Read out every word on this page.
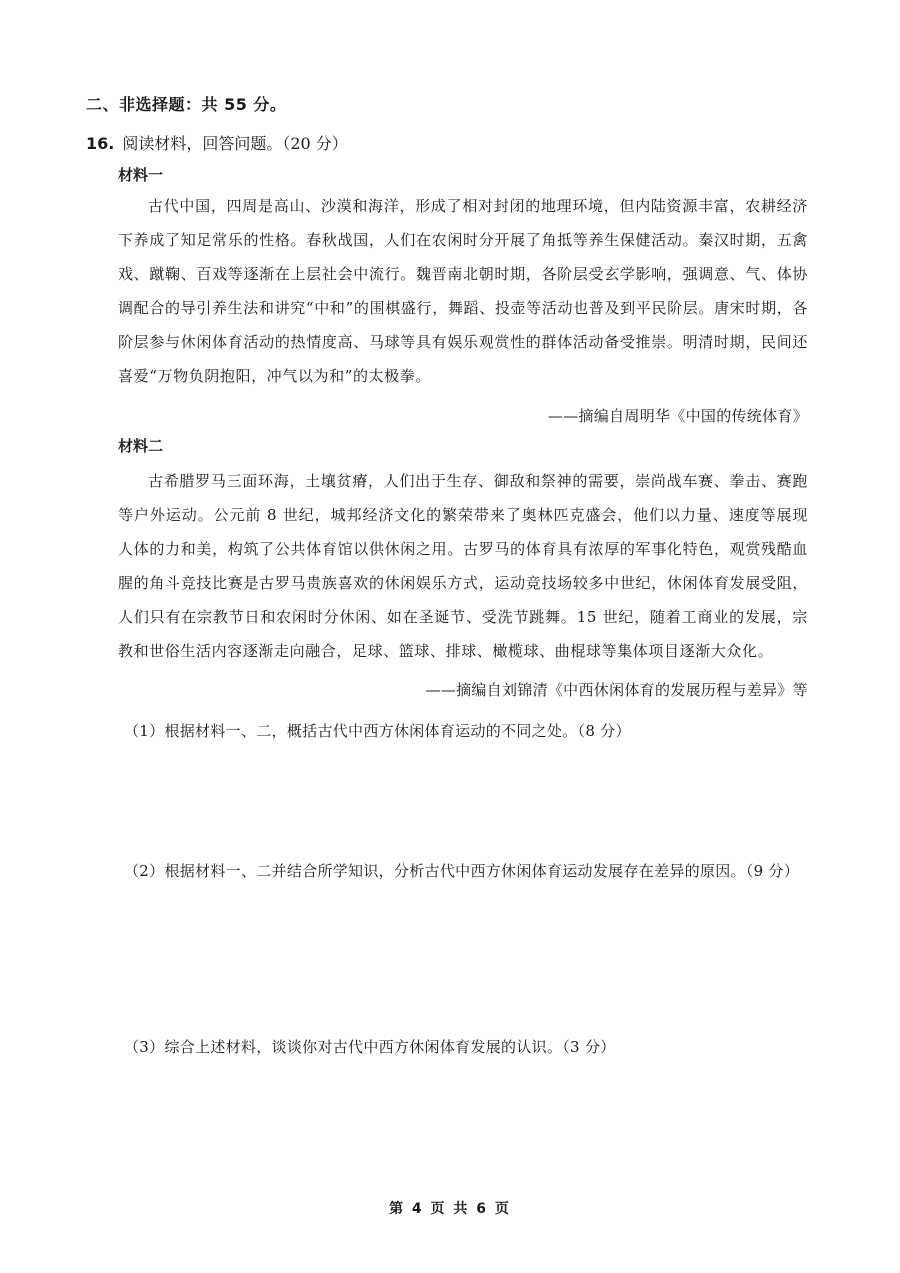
二、非选择题：共 55 分。
16. 阅读材料，回答问题。（20 分）
材料一

古代中国，四周是高山、沙漠和海洋，形成了相对封闭的地理环境，但内陆资源丰富，农耕经济下养成了知足常乐的性格。春秋战国，人们在农闲时分开展了角抵等养生保健活动。秦汉时期，五禽戏、蹴鞠、百戏等逐渐在上层社会中流行。魏晋南北朝时期，各阶层受玄学影响，强调意、气、体协调配合的导引养生法和讲究“中和”的围棋盛行，舞蹈、投壶等活动也普及到平民阶层。唐宋时期，各阶层参与休闲体育活动的热情度高、马球等具有娱乐观赏性的群体活动备受推崇。明清时期，民间还喜爱“万物负阴抱阳，冲气以为和”的太极拳。

——摘编自周明华《中国的传统体育》
材料二

古希腊罗马三面环海，土壤贫瘠，人们出于生存、御敌和祭神的需要，崇尚战车赛、拳击、赛跑等户外运动。公元前 8 世纪，城邦经济文化的繁荣带来了奥林匹克盛会，他们以力量、速度等展现人体的力和美，构筑了公共体育馆以供休闲之用。古罗马的体育具有浓厚的军事化特色，观赏残酷血腥的角斗竞技比赛是古罗马贵族喜欢的休闲娱乐方式，运动竞技场较多中世纪，休闲体育发展受阻，人们只有在宗教节日和农闲时分休闲、如在圣诞节、受洗节跳舞。15 世纪，随着工商业的发展，宗教和世俗生活内容逐渐走向融合，足球、篮球、排球、橄榄球、曲棍球等集体项目逐渐大众化。

——摘编自刘锦清《中西休闲体育的发展历程与差异》等
（1）根据材料一、二，概括古代中西方休闲体育运动的不同之处。（8 分）
（2）根据材料一、二并结合所学知识，分析古代中西方休闲体育运动发展存在差异的原因。（9 分）
（3）综合上述材料，谈谈你对古代中西方休闲体育发展的认识。（3 分）
第 4 页 共 6 页
